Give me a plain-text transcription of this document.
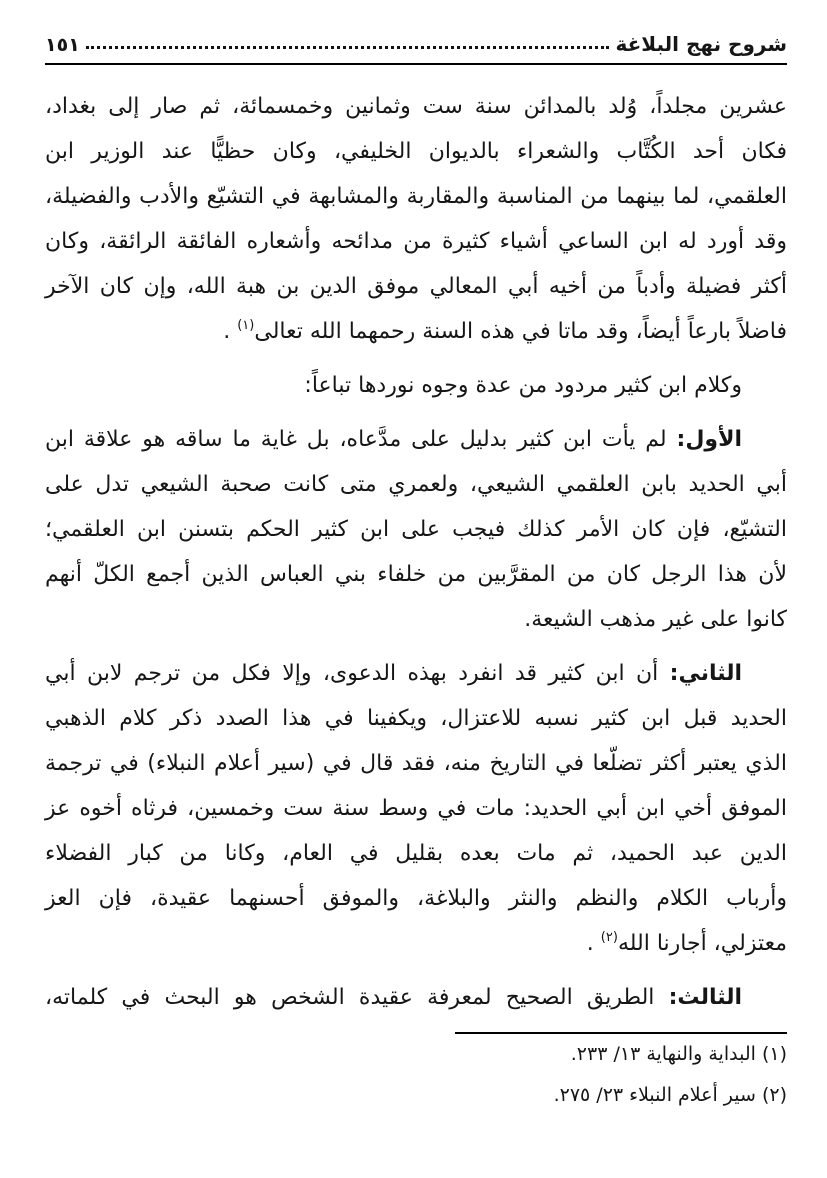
شروح نهج البلاغة
١٥١
عشرين مجلداً، وُلد بالمدائن سنة ست وثمانين وخمسمائة، ثم صار إلى بغداد،
فكان أحد الكُتَّاب والشعراء بالديوان الخليفي، وكان حظيًّا عند الوزير ابن
العلقمي، لما بينهما من المناسبة والمقاربة والمشابهة في التشيّع والأدب والفضيلة،
وقد أورد له ابن الساعي أشياء كثيرة من مدائحه وأشعاره الفائقة الرائقة، وكان
أكثر فضيلة وأدباً من أخيه أبي المعالي موفق الدين بن هبة الله، وإن كان الآخر
فاضلاً بارعاً أيضاً، وقد ماتا في هذه السنة رحمهما الله تعالى$^{(١)}$ .
وكلام ابن كثير مردود من عدة وجوه نوردها تباعاً:
الأول: لم يأت ابن كثير بدليل على مدَّعاه، بل غاية ما ساقه هو علاقة ابن
أبي الحديد بابن العلقمي الشيعي، ولعمري متى كانت صحبة الشيعي تدل على
التشيّع، فإن كان الأمر كذلك فيجب على ابن كثير الحكم بتسنن ابن العلقمي؛
لأن هذا الرجل كان من المقرَّبين من خلفاء بني العباس الذين أجمع الكلّ أنهم
كانوا على غير مذهب الشيعة.
الثاني: أن ابن كثير قد انفرد بهذه الدعوى، وإلا فكل من ترجم لابن أبي
الحديد قبل ابن كثير نسبه للاعتزال، ويكفينا في هذا الصدد ذكر كلام الذهبي
الذي يعتبر أكثر تضلّعا في التاريخ منه، فقد قال في (سير أعلام النبلاء) في ترجمة
الموفق أخي ابن أبي الحديد: مات في وسط سنة ست وخمسين، فرثاه أخوه عز
الدين عبد الحميد، ثم مات بعده بقليل في العام، وكانا من كبار الفضلاء
وأرباب الكلام والنظم والنثر والبلاغة، والموفق أحسنهما عقيدة، فإن العز
معتزلي، أجارنا الله$^{(٢)}$ .
الثالث: الطريق الصحيح لمعرفة عقيدة الشخص هو البحث في كلماته،
(١) البداية والنهاية ١٣/ ٢٣٣.
(٢) سير أعلام النبلاء ٢٣/ ٢٧٥.
